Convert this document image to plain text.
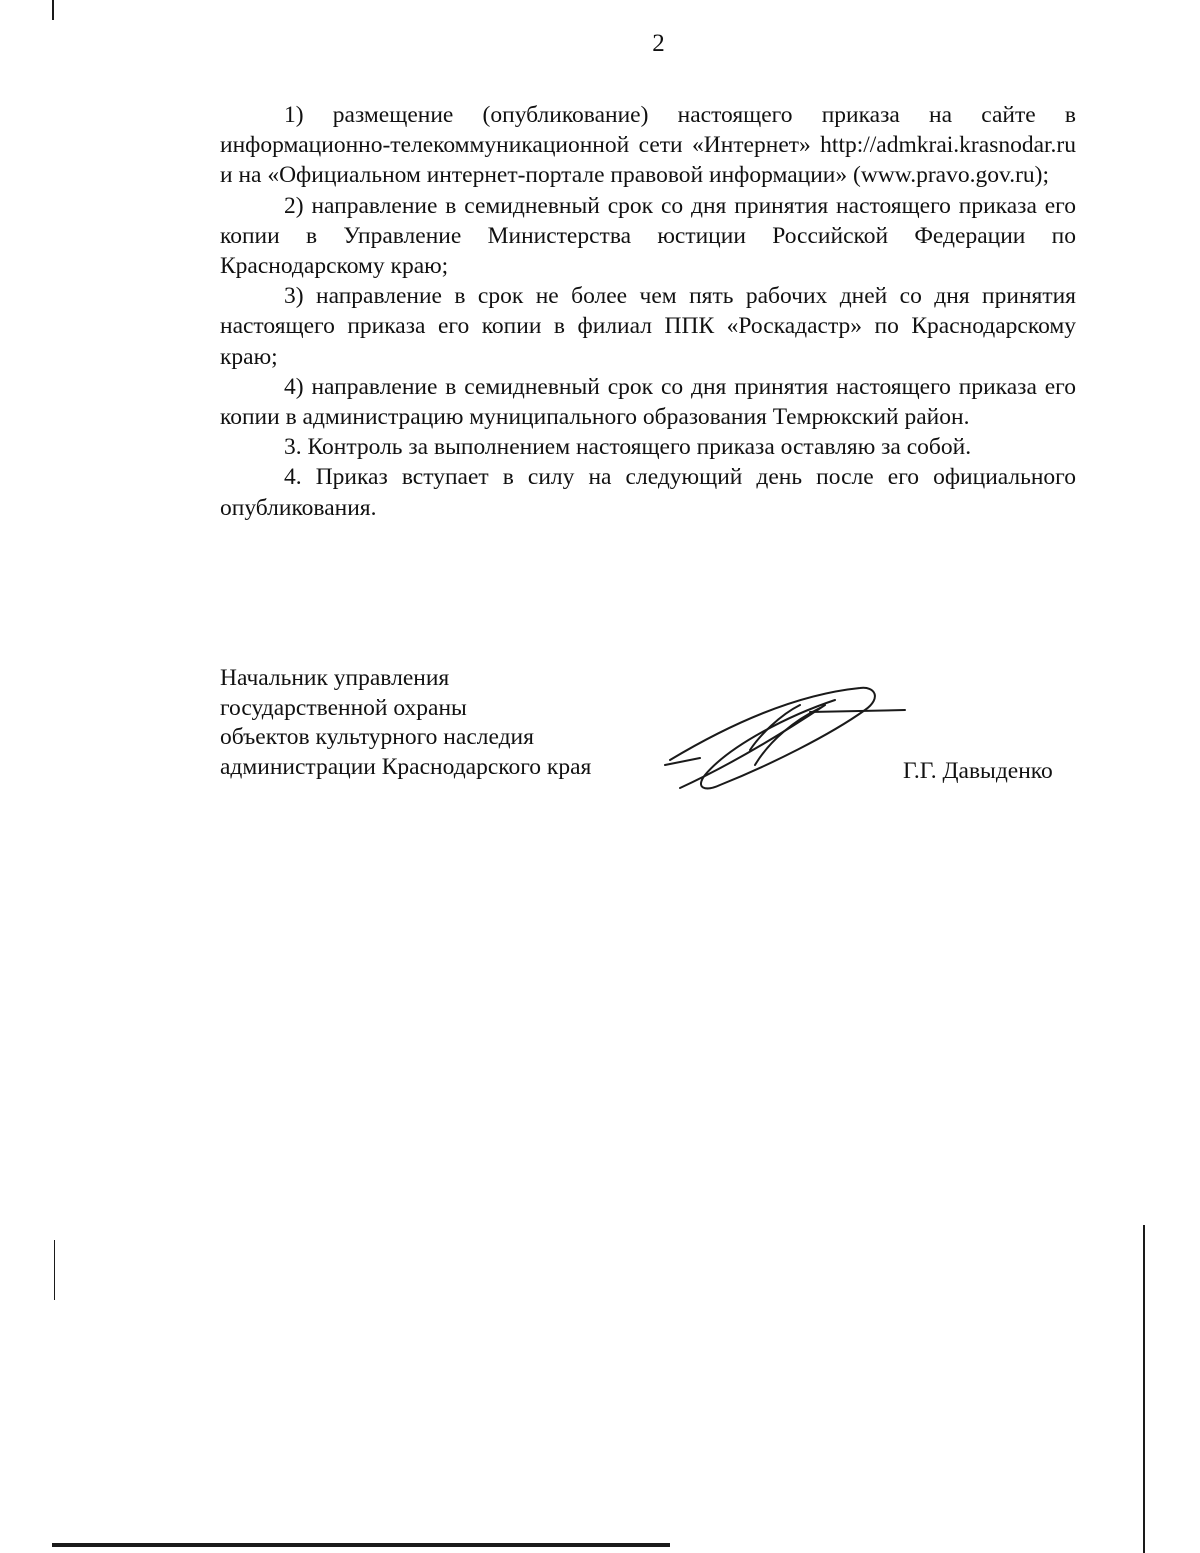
2

1) размещение (опубликование) настоящего приказа на сайте в информационно-телекоммуникационной сети «Интернет» http://admkrai.krasnodar.ru и на «Официальном интернет-портале правовой информации» (www.pravo.gov.ru);

2) направление в семидневный срок со дня принятия настоящего приказа его копии в Управление Министерства юстиции Российской Федерации по Краснодарскому краю;

3) направление в срок не более чем пять рабочих дней со дня принятия настоящего приказа его копии в филиал ППК «Роскадастр» по Краснодарскому краю;

4) направление в семидневный срок со дня принятия настоящего приказа его копии в администрацию муниципального образования Темрюкский район.

3. Контроль за выполнением настоящего приказа оставляю за собой.

4. Приказ вступает в силу на следующий день после его официального опубликования.

Начальник управления
государственной охраны
объектов культурного наследия
администрации Краснодарского края	Г.Г. Давыденко
